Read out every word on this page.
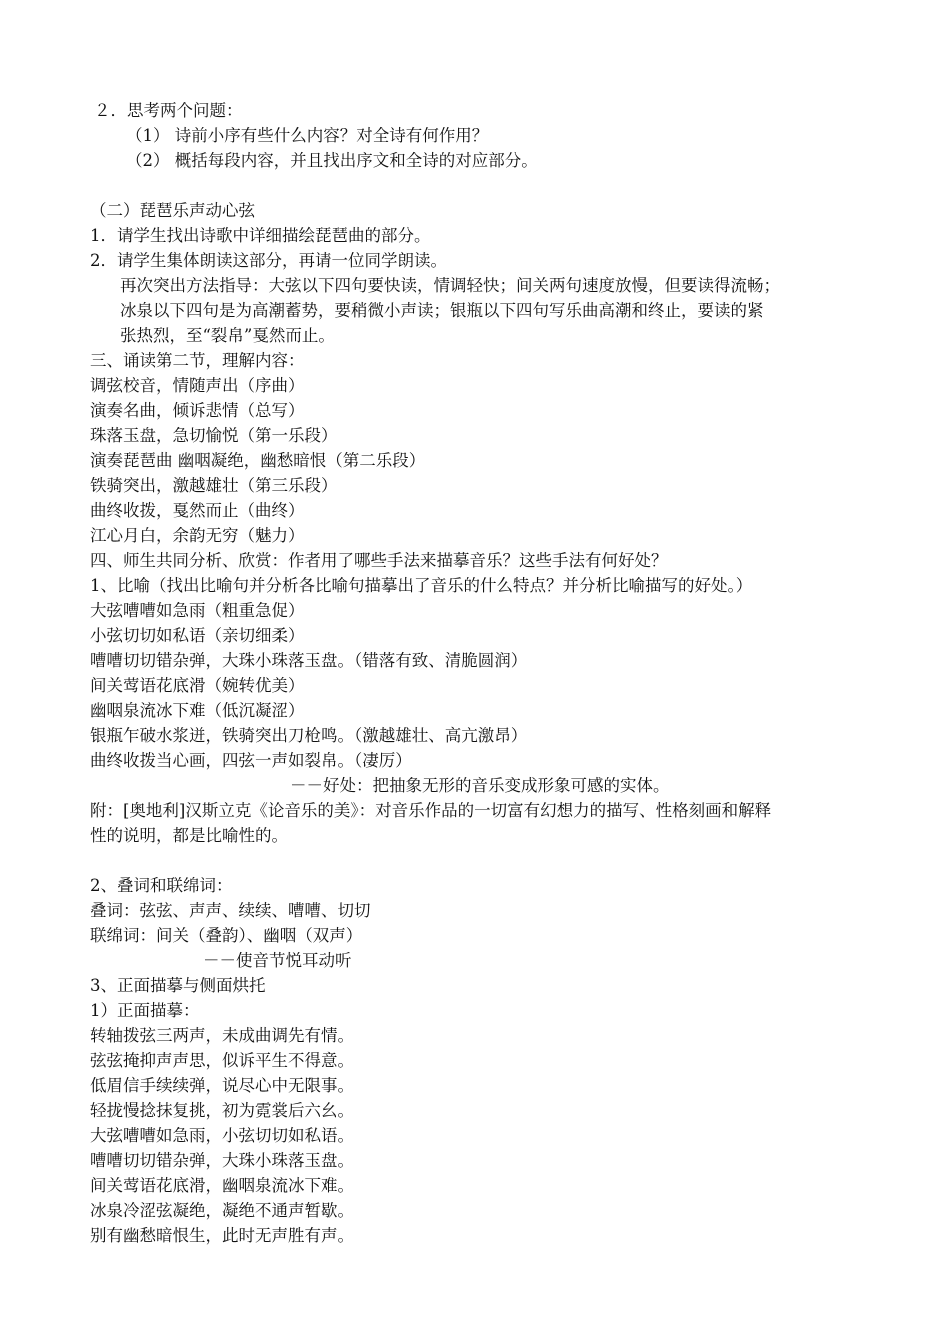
２．思考两个问题：
（1） 诗前小序有些什么内容？对全诗有何作用？
（2） 概括每段内容，并且找出序文和全诗的对应部分。
（二）琵琶乐声动心弦
1．请学生找出诗歌中详细描绘琵琶曲的部分。
2．请学生集体朗读这部分，再请一位同学朗读。
再次突出方法指导：大弦以下四句要快读，情调轻快；间关两句速度放慢，但要读得流畅；
冰泉以下四句是为高潮蓄势，要稍微小声读；银瓶以下四句写乐曲高潮和终止，要读的紧
张热烈，至“裂帛”戛然而止。
三、诵读第二节，理解内容：
调弦校音，情随声出（序曲）
演奏名曲，倾诉悲情（总写）
珠落玉盘，急切愉悦（第一乐段）
演奏琵琶曲 幽咽凝绝，幽愁暗恨（第二乐段）
铁骑突出，激越雄壮（第三乐段）
曲终收拨，戛然而止（曲终）
江心月白，余韵无穷（魅力）
四、师生共同分析、欣赏：作者用了哪些手法来描摹音乐？这些手法有何好处？
1、比喻（找出比喻句并分析各比喻句描摹出了音乐的什么特点？并分析比喻描写的好处。）
大弦嘈嘈如急雨（粗重急促）
小弦切切如私语（亲切细柔）
嘈嘈切切错杂弹，大珠小珠落玉盘。（错落有致、清脆圆润）
间关莺语花底滑（婉转优美）
幽咽泉流冰下难（低沉凝涩）
银瓶乍破水浆迸，铁骑突出刀枪鸣。（激越雄壮、高亢激昂）
曲终收拨当心画，四弦一声如裂帛。（凄厉）
－－好处：把抽象无形的音乐变成形象可感的实体。
附：[奥地利]汉斯立克《论音乐的美》：对音乐作品的一切富有幻想力的描写、性格刻画和解释
性的说明，都是比喻性的。
2、叠词和联绵词：
叠词：弦弦、声声、续续、嘈嘈、切切
联绵词：间关（叠韵）、幽咽（双声）
－－使音节悦耳动听
3、正面描摹与侧面烘托
1）正面描摹：
转轴拨弦三两声，未成曲调先有情。
弦弦掩抑声声思，似诉平生不得意。
低眉信手续续弹，说尽心中无限事。
轻拢慢捻抹复挑，初为霓裳后六幺。
大弦嘈嘈如急雨，小弦切切如私语。
嘈嘈切切错杂弹，大珠小珠落玉盘。
间关莺语花底滑，幽咽泉流冰下难。
冰泉冷涩弦凝绝，凝绝不通声暂歇。
别有幽愁暗恨生，此时无声胜有声。
